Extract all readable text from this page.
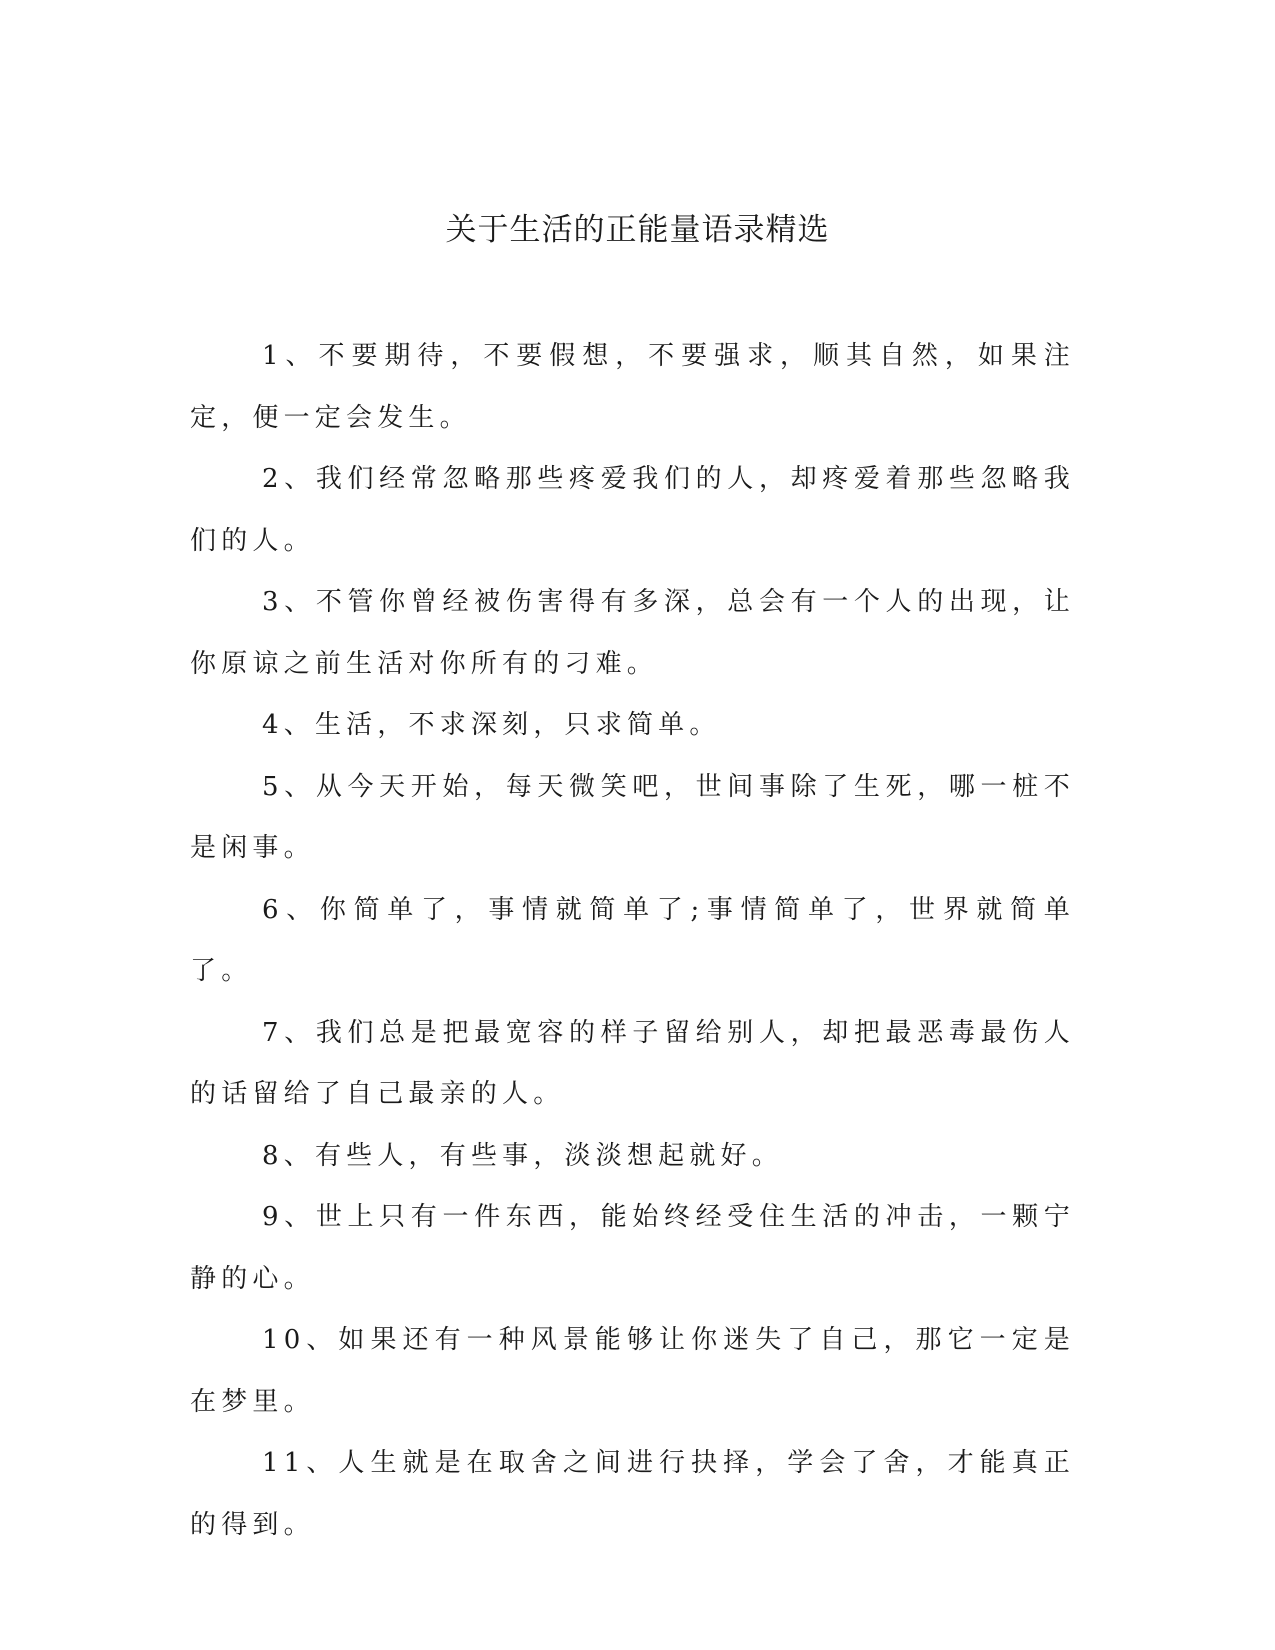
关于生活的正能量语录精选

1、不要期待，不要假想，不要强求，顺其自然，如果注定，便一定会发生。

2、我们经常忽略那些疼爱我们的人，却疼爱着那些忽略我们的人。

3、不管你曾经被伤害得有多深，总会有一个人的出现，让你原谅之前生活对你所有的刁难。

4、生活，不求深刻，只求简单。

5、从今天开始，每天微笑吧，世间事除了生死，哪一桩不是闲事。

6、你简单了，事情就简单了;事情简单了，世界就简单了。

7、我们总是把最宽容的样子留给别人，却把最恶毒最伤人的话留给了自己最亲的人。

8、有些人，有些事，淡淡想起就好。

9、世上只有一件东西，能始终经受住生活的冲击，一颗宁静的心。

10、如果还有一种风景能够让你迷失了自己，那它一定是在梦里。

11、人生就是在取舍之间进行抉择，学会了舍，才能真正的得到。
